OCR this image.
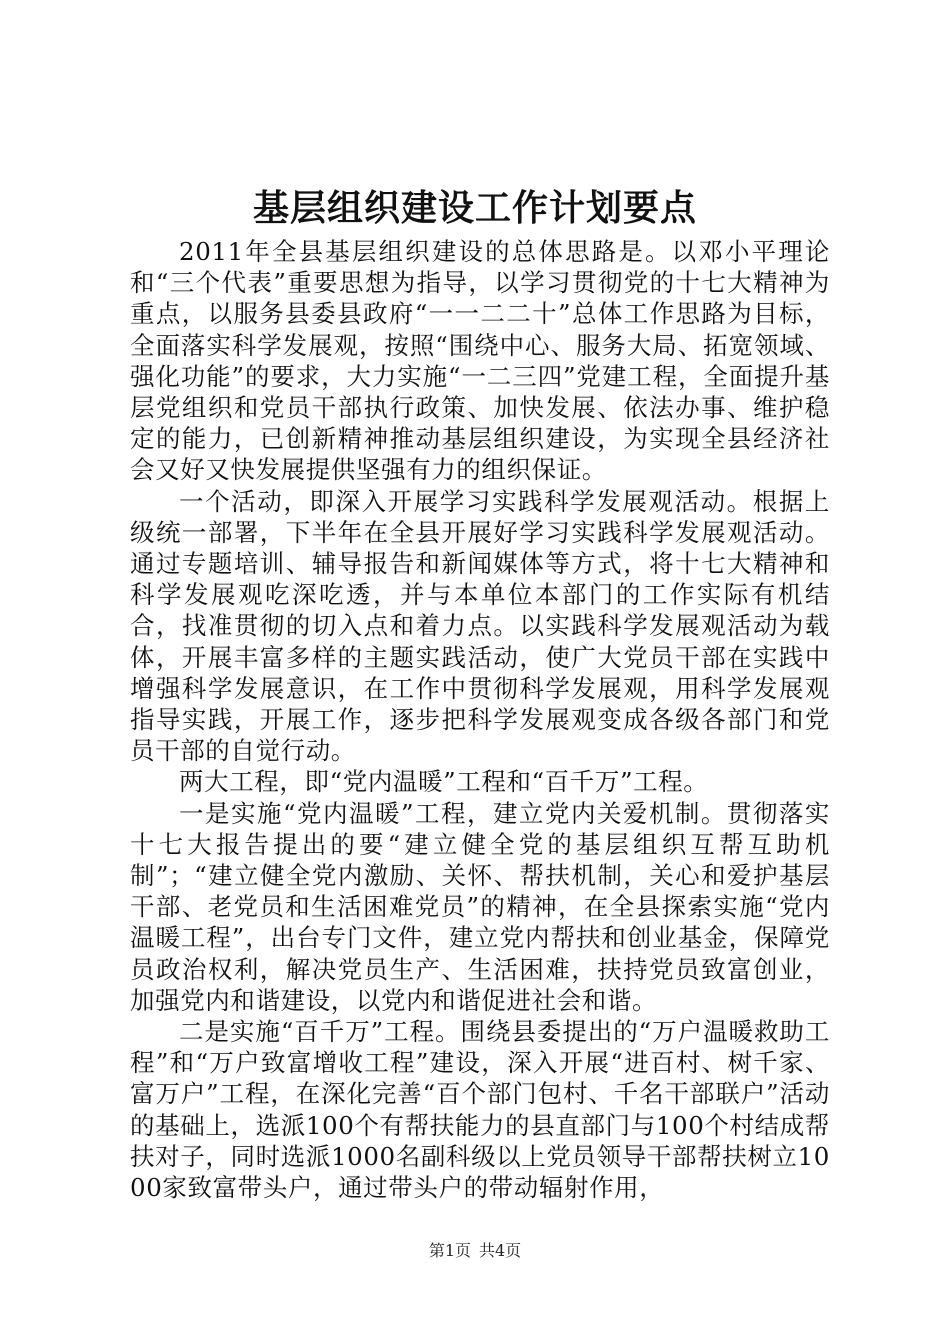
基层组织建设工作计划要点

2011年全县基层组织建设的总体思路是。以邓小平理论和“三个代表”重要思想为指导，以学习贯彻党的十七大精神为重点，以服务县委县政府“一一二二十”总体工作思路为目标，全面落实科学发展观，按照“围绕中心、服务大局、拓宽领域、强化功能”的要求，大力实施“一二三四”党建工程，全面提升基层党组织和党员干部执行政策、加快发展、依法办事、维护稳定的能力，已创新精神推动基层组织建设，为实现全县经济社会又好又快发展提供坚强有力的组织保证。

一个活动，即深入开展学习实践科学发展观活动。根据上级统一部署，下半年在全县开展好学习实践科学发展观活动。通过专题培训、辅导报告和新闻媒体等方式，将十七大精神和科学发展观吃深吃透，并与本单位本部门的工作实际有机结合，找准贯彻的切入点和着力点。以实践科学发展观活动为载体，开展丰富多样的主题实践活动，使广大党员干部在实践中增强科学发展意识，在工作中贯彻科学发展观，用科学发展观指导实践，开展工作，逐步把科学发展观变成各级各部门和党员干部的自觉行动。

两大工程，即“党内温暖”工程和“百千万”工程。

一是实施“党内温暖”工程，建立党内关爱机制。贯彻落实十七大报告提出的要“建立健全党的基层组织互帮互助机制”；“建立健全党内激励、关怀、帮扶机制，关心和爱护基层干部、老党员和生活困难党员”的精神，在全县探索实施“党内温暖工程”，出台专门文件，建立党内帮扶和创业基金，保障党员政治权利，解决党员生产、生活困难，扶持党员致富创业，加强党内和谐建设，以党内和谐促进社会和谐。

二是实施“百千万”工程。围绕县委提出的“万户温暖救助工程”和“万户致富增收工程”建设，深入开展“进百村、树千家、富万户”工程，在深化完善“百个部门包村、千名干部联户”活动的基础上，选派100个有帮扶能力的县直部门与100个村结成帮扶对子，同时选派1000名副科级以上党员领导干部帮扶树立1000家致富带头户，通过带头户的带动辐射作用，

第1页 共4页
